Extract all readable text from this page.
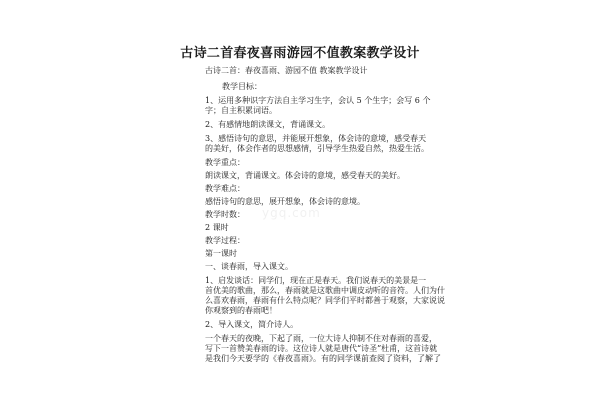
古诗二首春夜喜雨游园不值教案教学设计
古诗二首：春夜喜雨、游园不值 教案教学设计
教学目标：
1、运用多种识字方法自主学习生字，会认 5 个生字；会写 6 个
字；自主积累词语。
2、有感情地朗读课文，背诵课文。
3、感悟诗句的意思，并能展开想象，体会诗的意境，感受春天
的美好，体会作者的思想感情，引导学生热爱自然，热爱生活。
教学重点：
朗读课文，背诵课文。体会诗的意境，感受春天的美好。
教学难点：
感悟诗句的意思，展开想象，体会诗的意境。
教学时数：
2 课时
教学过程：
第一课时
一、谈春雨，导入课文。
1、启发谈话：同学们，现在正是春天。我们说春天的美景是一
首优美的歌曲，那么，春雨就是这歌曲中调皮动听的音符。人们为什
么喜欢春雨，春雨有什么特点呢？同学们平时都善于观察，大家说说
你观察到的春雨吧！
2、导入课文，简介诗人。
一个春天的夜晚，下起了雨，一位大诗人抑制不住对春雨的喜爱，
写下一首赞美春雨的诗。这位诗人就是唐代“诗圣”杜甫，这首诗就
是我们今天要学的《春夜喜雨》。有的同学课前查阅了资料，了解了
ygq.com
